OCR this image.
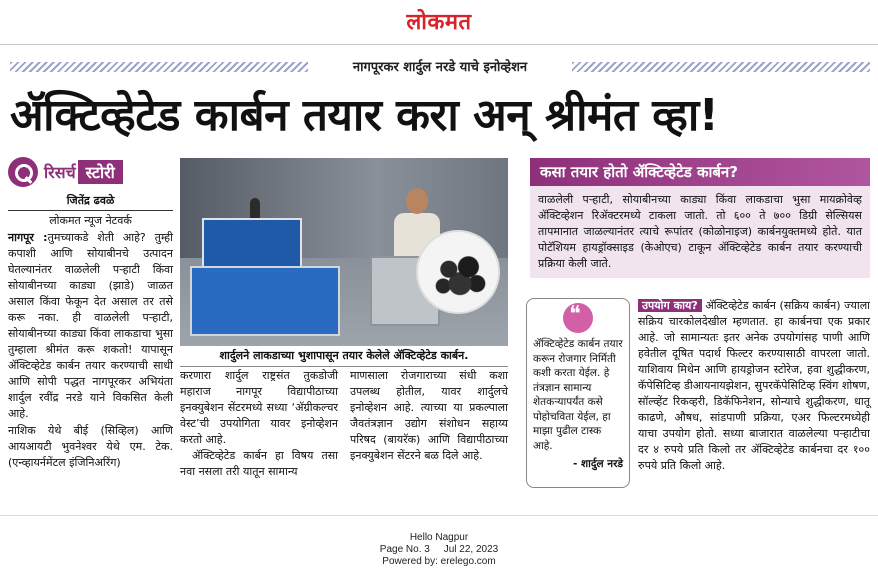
लोकमत
नागपूरकर शार्दुल नरडे याचे इनोव्हेशन
ॲक्टिव्हेटेड कार्बन तयार करा अन् श्रीमंत व्हा!
रिसर्च स्टोरी
जितेंद्र ढवळे
लोकमत न्यूज नेटवर्क

नागपूर :तुमच्याकडे शेती आहे? तुम्ही कपाशी आणि सोयाबीनचे उत्पादन घेतल्यानंतर वाळलेली पऱ्हाटी किंवा सोयाबीनच्या काड्या (झाडे) जाळत असाल किंवा फेकून देत असाल तर तसे करू नका. ही वाळलेली पऱ्हाटी, सोयाबीनच्या काड्या किंवा लाकडाचा भुसा तुम्हाला श्रीमंत करू शकतो! यापासून ॲक्टिव्हेटेड कार्बन तयार करण्याची साधी आणि सोपी पद्धत नागपूरकर अभियंता शार्दुल रवींद्र नरडे याने विकसित केली आहे.

नाशिक येथे बीई (सिव्हिल) आणि आयआयटी भुवनेश्वर येथे एम. टेक. (एन्व्हायर्नमेंटल इंजिनिअरिंग)

शार्दुलने लाकडाच्या भुशापासून तयार केलेले ॲक्टिव्हेटेड कार्बन.

करणारा शार्दुल राष्ट्रसंत तुकडोजी महाराज नागपूर विद्यापीठाच्या इनक्युबेशन सेंटरमध्ये सध्या ‘ॲग्रीकल्चर वेस्ट’ची उपयोगिता यावर इनोव्हेशन करतो आहे.

ॲक्टिव्हेटेड कार्बन हा विषय तसा नवा नसला तरी यातून सामान्य

माणसाला रोजगाराच्या संधी कशा उपलब्ध होतील, यावर शार्दुलचे इनोव्हेशन आहे. त्याच्या या प्रकल्पाला जैवतंत्रज्ञान उद्योग संशोधन सहाय्य परिषद (बायरॅक) आणि विद्यापीठाच्या इनक्युबेशन सेंटरने बळ दिले आहे.

कसा तयार होतो ॲक्टिव्हेटेड कार्बन?

वाळलेली पऱ्हाटी, सोयाबीनच्या काड्या किंवा लाकडाचा भुसा मायक्रोवेव्ह ॲक्टिव्हेशन रिॲक्टरमध्ये टाकला जातो. तो ६०० ते ७०० डिग्री सेल्सियस तापमानात जाळल्यानंतर त्याचे रूपांतर (कोळोनाइज) कार्बनयुक्तमध्ये होते. यात पोटॅशियम हायड्रॉक्साइड (केओएच) टाकून ॲक्टिव्हेटेड कार्बन तयार करण्याची प्रक्रिया केली जाते.

❝

ॲक्टिव्हेटेड कार्बन तयार करून रोजगार निर्मिती कशी करता येईल. हे तंत्रज्ञान सामान्य शेतकऱ्यापर्यंत कसे पोहोचविता येईल, हा माझा पुढील टास्क आहे.

- शार्दुल नरडे

उपयोग काय? ॲक्टिव्हेटेड कार्बन (सक्रिय कार्बन) ज्याला सक्रिय चारकोलदेखील म्हणतात. हा कार्बनचा एक प्रकार आहे. जो सामान्यतः इतर अनेक उपयोगांसह पाणी आणि हवेतील दूषित पदार्थ फिल्टर करण्यासाठी वापरला जातो. याशिवाय मिथेन आणि हायड्रोजन स्टोरेज, हवा शुद्धीकरण, कॅपेसिटिव्ह डीआयनायझेशन, सुपरकॅपेसिटिव्ह स्विंग शोषण, सॉल्व्हेंट रिकव्हरी, डिकॅफिनेशन, सोन्याचे शुद्धीकरण, धातू काढणे, औषध, सांडपाणी प्रक्रिया, एअर फिल्टरमध्येही याचा उपयोग होतो. सध्या बाजारात वाळलेल्या पऱ्हाटीचा दर ४ रुपये प्रति किलो तर ॲक्टिव्हेटेड कार्बनचा दर १०० रुपये प्रति किलो आहे.

Hello Nagpur
Page No. 3     Jul 22, 2023
Powered by: erelego.com
